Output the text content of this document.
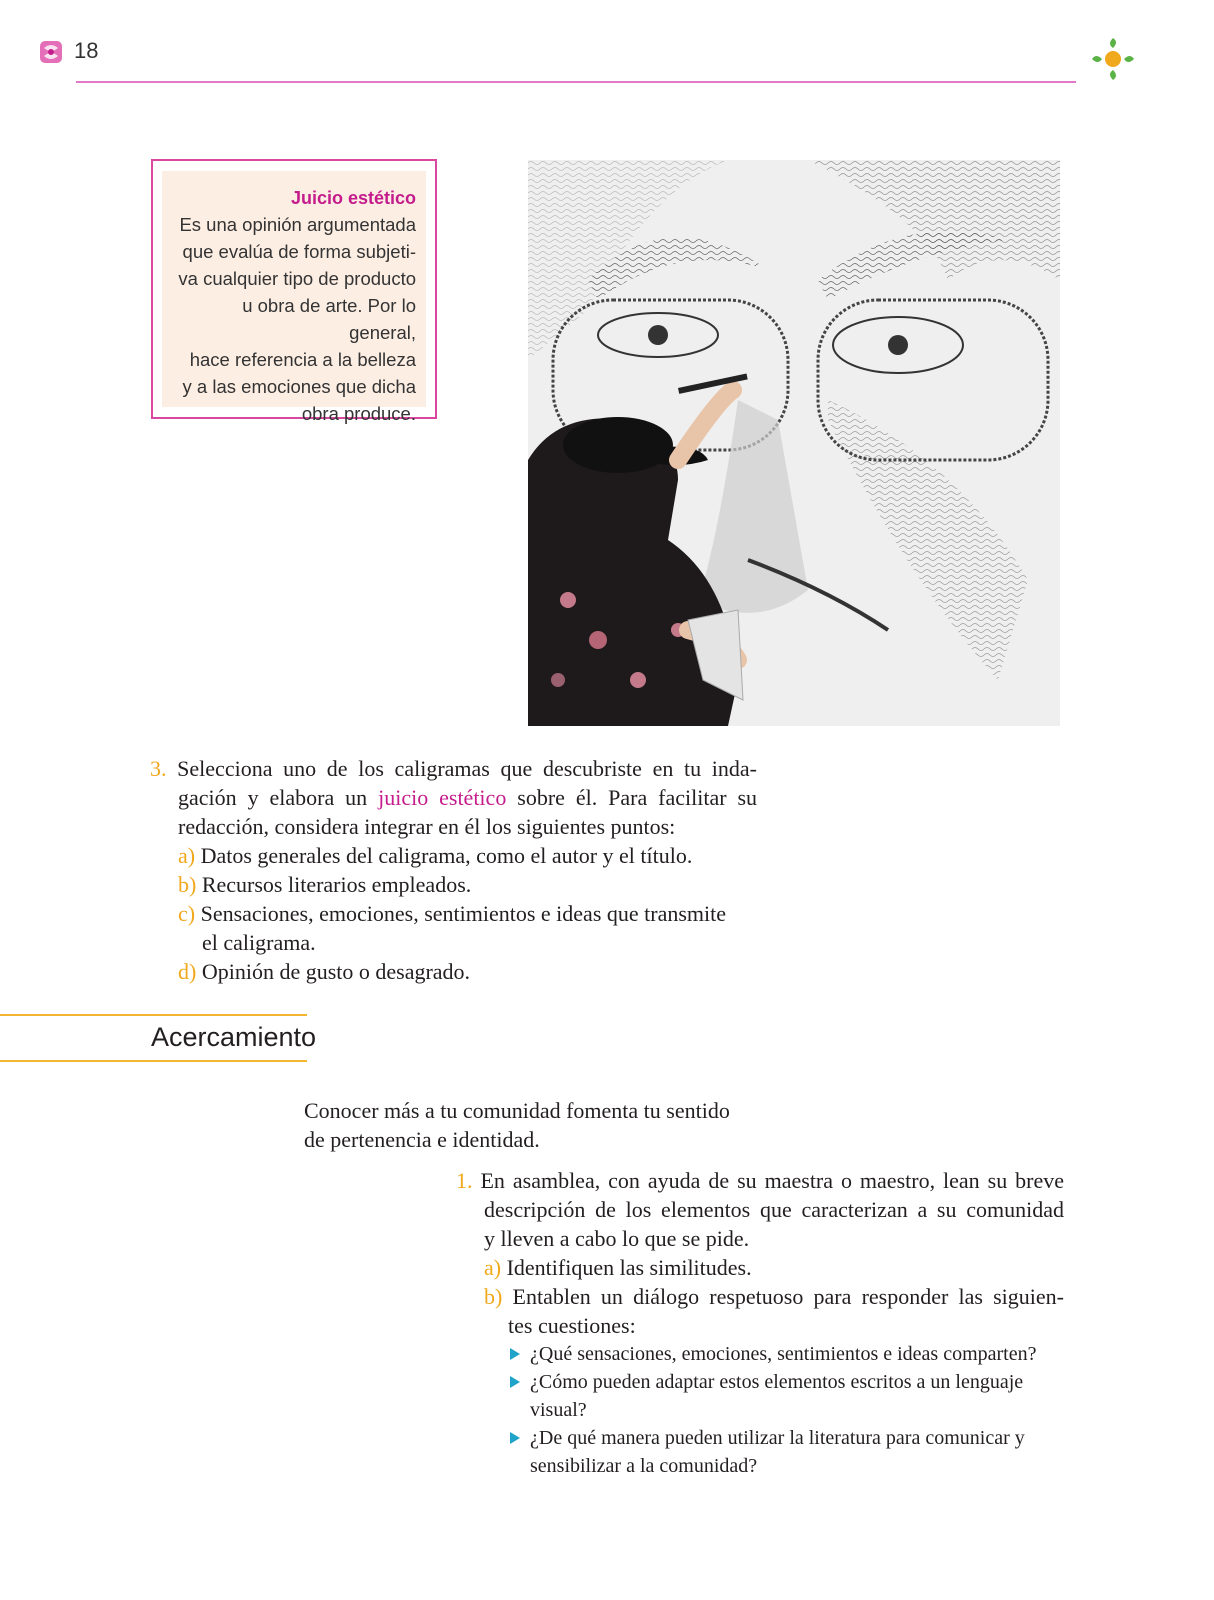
18
Juicio estético

Es una opinión argumentada
que evalúa de forma subjeti-
va cualquier tipo de producto
u obra de arte. Por lo general,
hace referencia a la belleza
y a las emociones que dicha
obra produce.

3. Selecciona uno de los caligramas que descubriste en tu inda-
gación y elabora un juicio estético sobre él. Para facilitar su
redacción, considera integrar en él los siguientes puntos:
a) Datos generales del caligrama, como el autor y el título.
b) Recursos literarios empleados.
c) Sensaciones, emociones, sentimientos e ideas que transmite
el caligrama.
d) Opinión de gusto o desagrado.
Acercamiento
Conocer más a tu comunidad fomenta tu sentido
de pertenencia e identidad.
1. En asamblea, con ayuda de su maestra o maestro, lean su breve
descripción de los elementos que caracterizan a su comunidad
y lleven a cabo lo que se pide.
a) Identifiquen las similitudes.
b) Entablen un diálogo respetuoso para responder las siguien-
tes cuestiones:
¿Qué sensaciones, emociones, sentimientos e ideas comparten?
¿Cómo pueden adaptar estos elementos escritos a un lenguaje
visual?
¿De qué manera pueden utilizar la literatura para comunicar y
sensibilizar a la comunidad?
